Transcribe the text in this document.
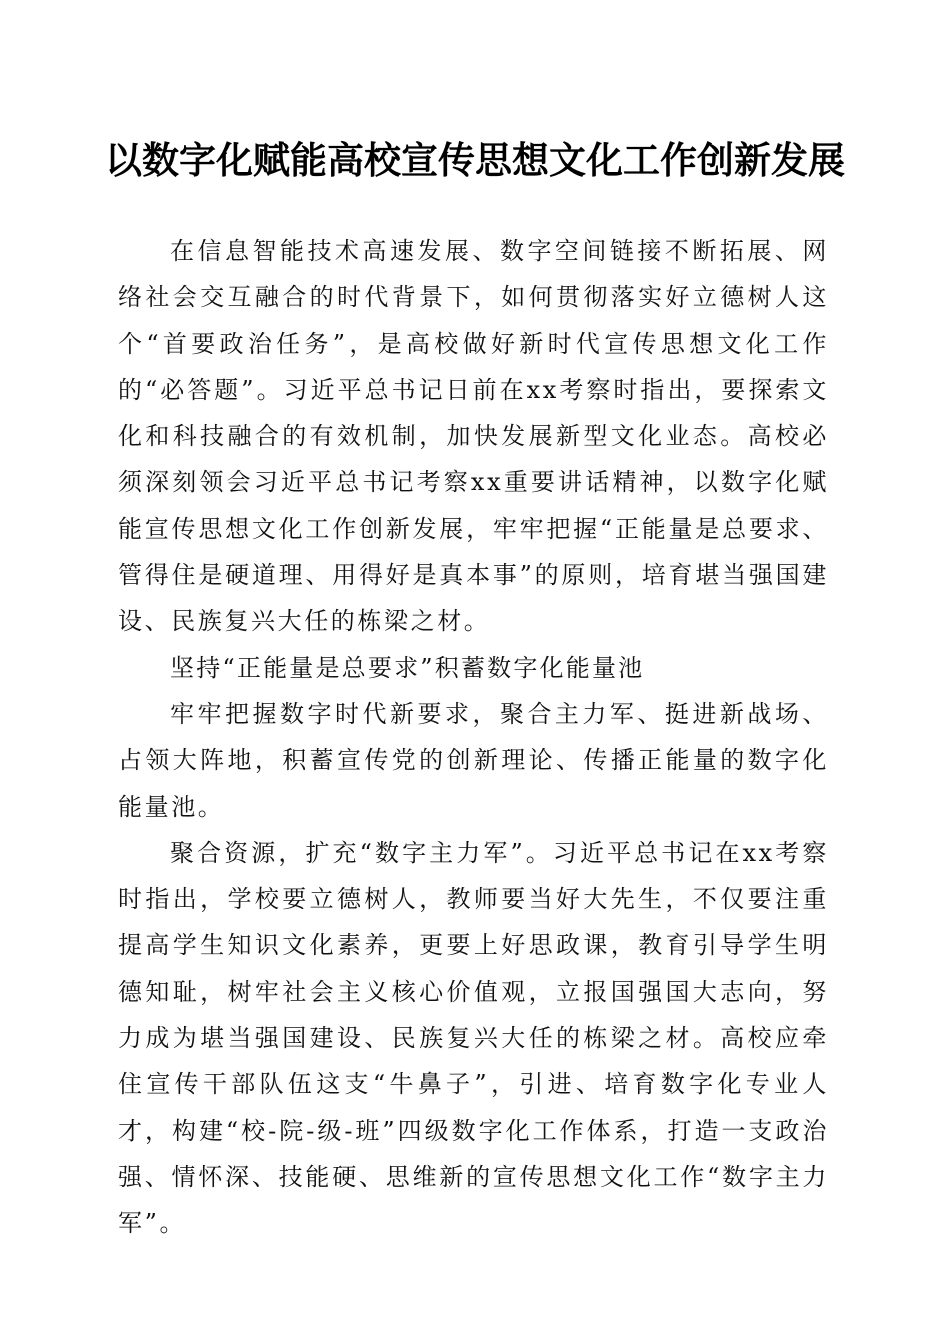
以数字化赋能高校宣传思想文化工作创新发展

在信息智能技术高速发展、数字空间链接不断拓展、网络社会交互融合的时代背景下，如何贯彻落实好立德树人这个“首要政治任务”，是高校做好新时代宣传思想文化工作的“必答题”。习近平总书记日前在xx考察时指出，要探索文化和科技融合的有效机制，加快发展新型文化业态。高校必须深刻领会习近平总书记考察xx重要讲话精神，以数字化赋能宣传思想文化工作创新发展，牢牢把握“正能量是总要求、管得住是硬道理、用得好是真本事”的原则，培育堪当强国建设、民族复兴大任的栋梁之材。

坚持“正能量是总要求”积蓄数字化能量池

牢牢把握数字时代新要求，聚合主力军、挺进新战场、占领大阵地，积蓄宣传党的创新理论、传播正能量的数字化能量池。

聚合资源，扩充“数字主力军”。习近平总书记在xx考察时指出，学校要立德树人，教师要当好大先生，不仅要注重提高学生知识文化素养，更要上好思政课，教育引导学生明德知耻，树牢社会主义核心价值观，立报国强国大志向，努力成为堪当强国建设、民族复兴大任的栋梁之材。高校应牵住宣传干部队伍这支“牛鼻子”，引进、培育数字化专业人才，构建“校-院-级-班”四级数字化工作体系，打造一支政治强、情怀深、技能硬、思维新的宣传思想文化工作“数字主力军”。
